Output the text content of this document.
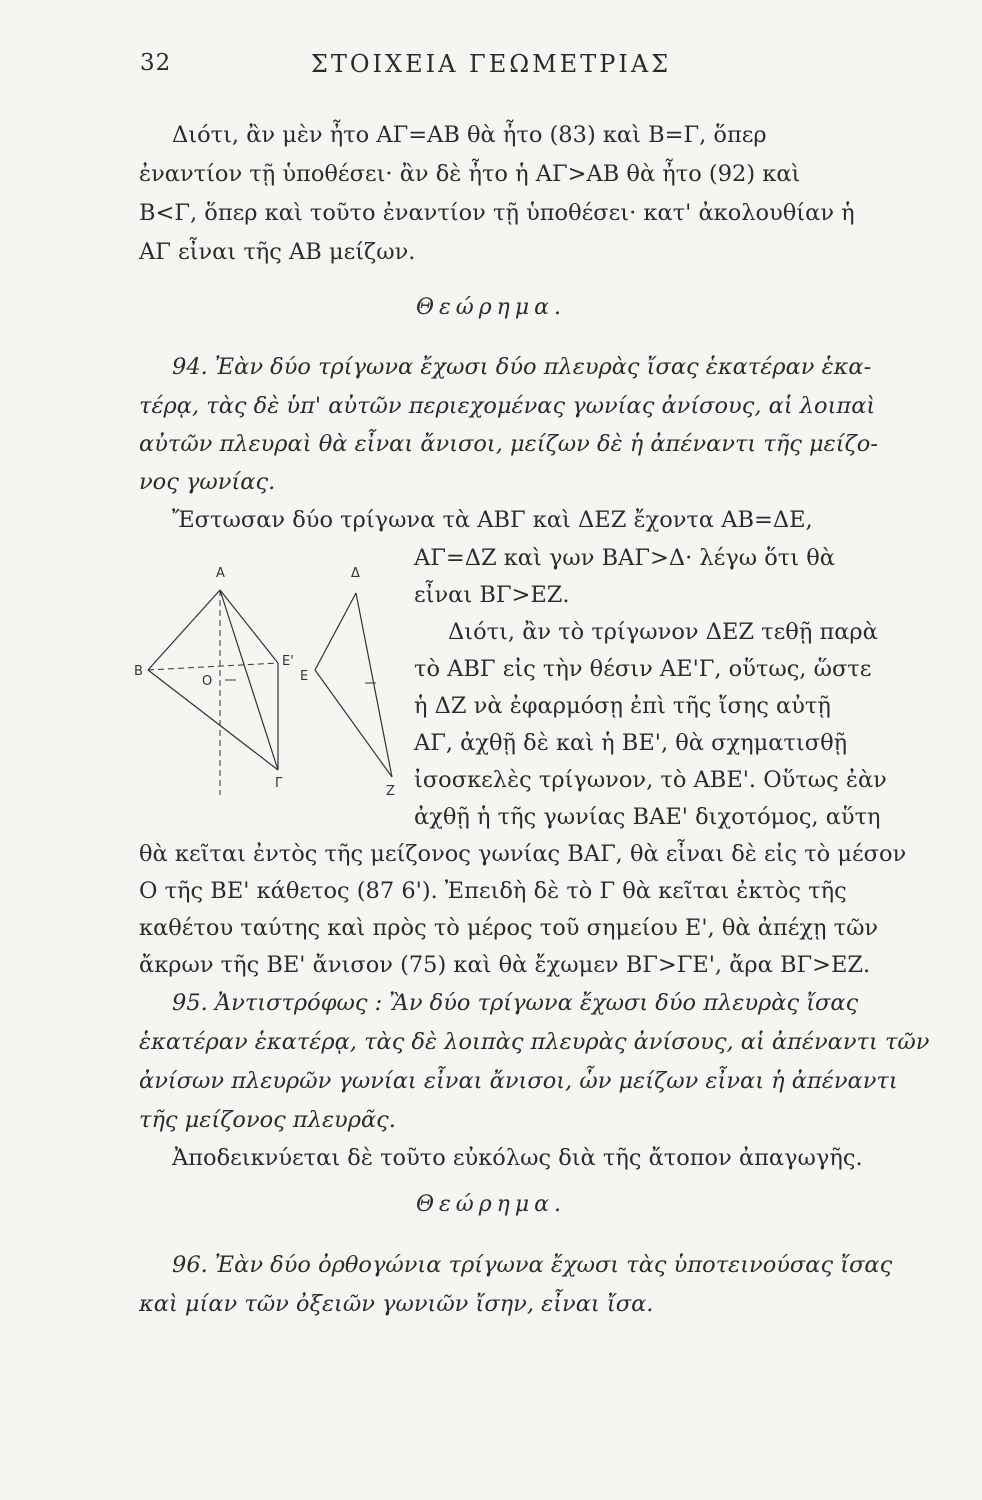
32	ΣΤΟΙΧΕΙΑ ΓΕΩΜΕΤΡΙΑΣ
Διότι, ἂν μὲν ἦτο ΑΓ=ΑΒ θὰ ἦτο (83) καὶ Β=Γ, ὅπερ
ἐναντίον τῇ ὑποθέσει· ἂν δὲ ἦτο ἡ ΑΓ>ΑΒ θὰ ἦτο (92) καὶ
Β<Γ, ὅπερ καὶ τοῦτο ἐναντίον τῇ ὑποθέσει· κατ' ἀκολουθίαν ἡ
ΑΓ εἶναι τῆς ΑΒ μείζων.
Θεώρημα.
94. Ἐὰν δύο τρίγωνα ἔχωσι δύο πλευρὰς ἴσας ἑκατέραν ἑκα-
τέρᾳ, τὰς δὲ ὑπ' αὐτῶν περιεχομένας γωνίας ἀνίσους, αἱ λοιπαὶ
αὐτῶν πλευραὶ θὰ εἶναι ἄνισοι, μείζων δὲ ἡ ἀπέναντι τῆς μείζο-
νος γωνίας.
Ἔστωσαν δύο τρίγωνα τὰ ΑΒΓ καὶ ΔΕΖ ἔχοντα ΑΒ=ΔΕ,
ΑΓ=ΔΖ καὶ γων ΒΑΓ>Δ· λέγω ὅτι θὰ
εἶναι ΒΓ>ΕΖ.
Διότι, ἂν τὸ τρίγωνον ΔΕΖ τεθῇ παρὰ
τὸ ΑΒΓ εἰς τὴν θέσιν ΑΕ'Γ, οὕτως, ὥστε
ἡ ΔΖ νὰ ἐφαρμόσῃ ἐπὶ τῆς ἴσης αὐτῇ
ΑΓ, ἀχθῇ δὲ καὶ ἡ ΒΕ', θὰ σχηματισθῇ
ἰσοσκελὲς τρίγωνον, τὸ ΑΒΕ'. Οὕτως ἐὰν
ἀχθῇ ἡ τῆς γωνίας ΒΑΕ' διχοτόμος, αὕτη
θὰ κεῖται ἐντὸς τῆς μείζονος γωνίας ΒΑΓ, θὰ εἶναι δὲ εἰς τὸ μέσον
Ο τῆς ΒΕ' κάθετος (87 6'). Ἐπειδὴ δὲ τὸ Γ θὰ κεῖται ἐκτὸς τῆς
καθέτου ταύτης καὶ πρὸς τὸ μέρος τοῦ σημείου Ε', θὰ ἀπέχῃ τῶν
ἄκρων τῆς ΒΕ' ἄνισον (75) καὶ θὰ ἔχωμεν ΒΓ>ΓΕ', ἄρα ΒΓ>ΕΖ.
Α
Β
Ο
Ε'
Γ
Δ
Ε
Ζ
95. Ἀντιστρόφως : Ἂν δύο τρίγωνα ἔχωσι δύο πλευρὰς ἴσας
ἑκατέραν ἑκατέρᾳ, τὰς δὲ λοιπὰς πλευρὰς ἀνίσους, αἱ ἀπέναντι τῶν
ἀνίσων πλευρῶν γωνίαι εἶναι ἄνισοι, ὧν μείζων εἶναι ἡ ἀπέναντι
τῆς μείζονος πλευρᾶς.
Ἀποδεικνύεται δὲ τοῦτο εὐκόλως διὰ τῆς ἄτοπον ἀπαγωγῆς.
Θεώρημα.
96. Ἐὰν δύο ὀρθογώνια τρίγωνα ἔχωσι τὰς ὑποτεινούσας ἴσας
καὶ μίαν τῶν ὀξειῶν γωνιῶν ἴσην, εἶναι ἴσα.
